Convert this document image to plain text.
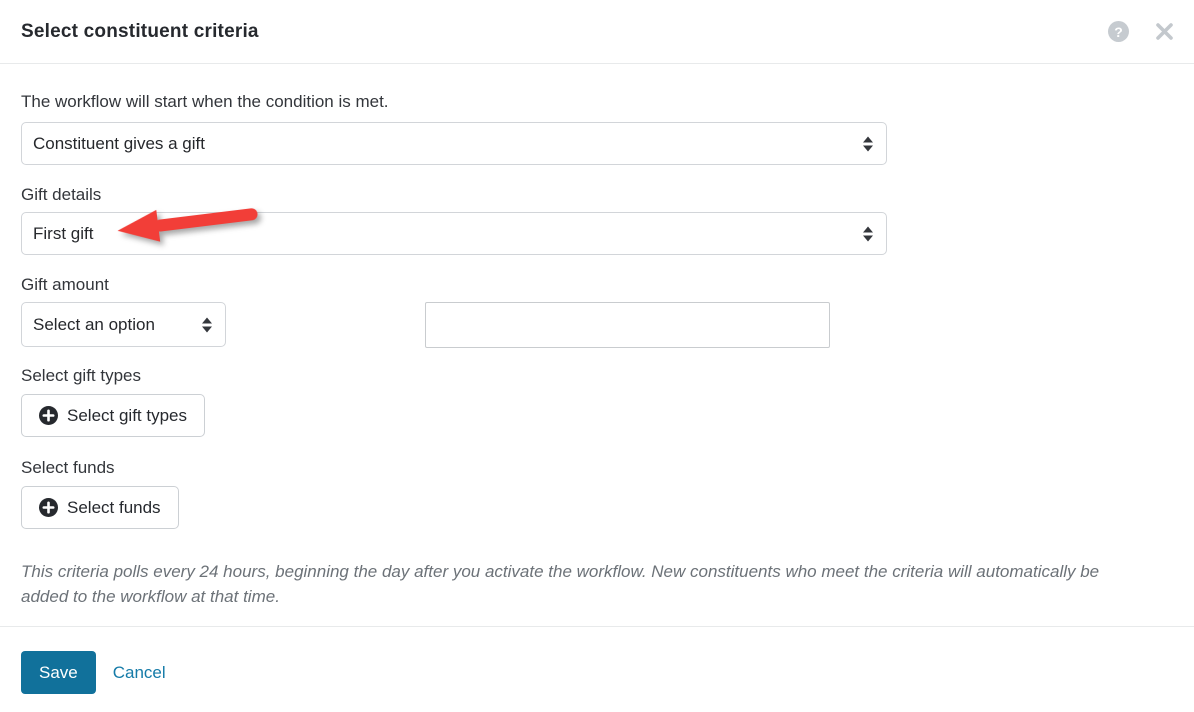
Select constituent criteria	?

The workflow will start when the condition is met.

Constituent gives a gift
Gift details
First gift
Gift amount
Select an option
Select gift types
Select gift types
Select funds
Select funds

This criteria polls every 24 hours, beginning the day after you activate the workflow. New constituents who meet the criteria will automatically be added to the workflow at that time.

Save	Cancel
